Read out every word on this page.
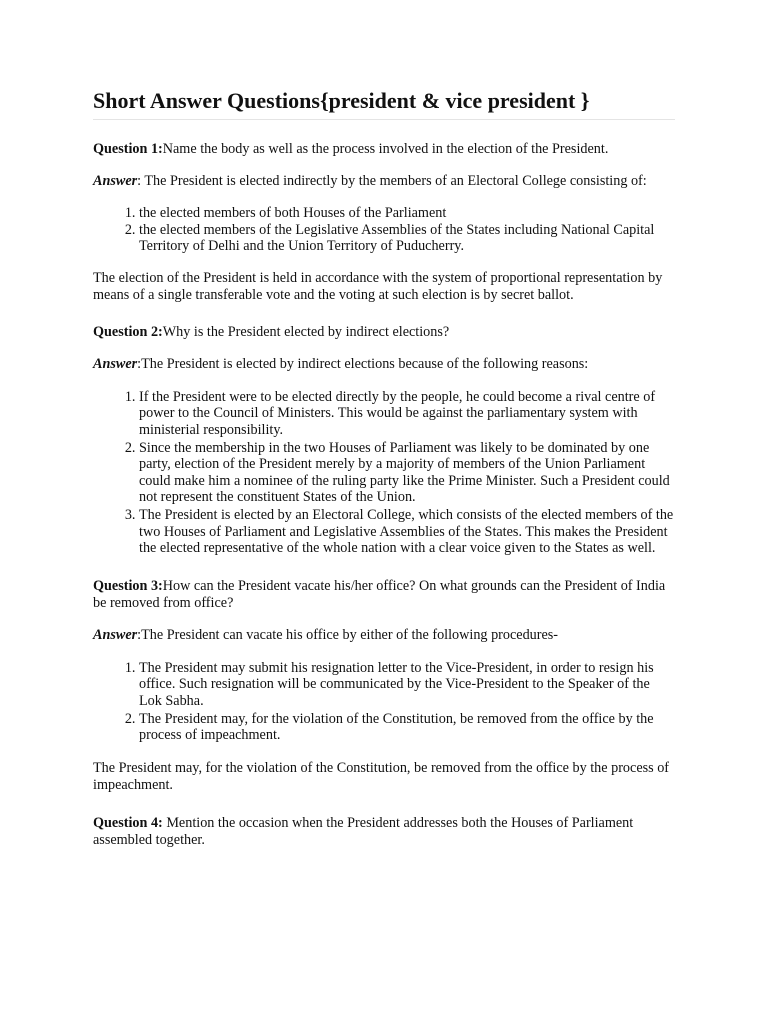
Short Answer Questions{president & vice president }

Question 1:Name the body as well as the process involved in the election of the President.

Answer: The President is elected indirectly by the members of an Electoral College consisting of:

1. the elected members of both Houses of the Parliament
2. the elected members of the Legislative Assemblies of the States including National Capital Territory of Delhi and the Union Territory of Puducherry.

The election of the President is held in accordance with the system of proportional representation by means of a single transferable vote and the voting at such election is by secret ballot.

Question 2:Why is the President elected by indirect elections?

Answer:The President is elected by indirect elections because of the following reasons:

1. If the President were to be elected directly by the people, he could become a rival centre of power to the Council of Ministers. This would be against the parliamentary system with ministerial responsibility.
2. Since the membership in the two Houses of Parliament was likely to be dominated by one party, election of the President merely by a majority of members of the Union Parliament could make him a nominee of the ruling party like the Prime Minister. Such a President could not represent the constituent States of the Union.
3. The President is elected by an Electoral College, which consists of the elected members of the two Houses of Parliament and Legislative Assemblies of the States. This makes the President the elected representative of the whole nation with a clear voice given to the States as well.

Question 3:How can the President vacate his/her office? On what grounds can the President of India be removed from office?

Answer:The President can vacate his office by either of the following procedures-

1. The President may submit his resignation letter to the Vice-President, in order to resign his office. Such resignation will be communicated by the Vice-President to the Speaker of the Lok Sabha.
2. The President may, for the violation of the Constitution, be removed from the office by the process of impeachment.

The President may, for the violation of the Constitution, be removed from the office by the process of impeachment.

Question 4: Mention the occasion when the President addresses both the Houses of Parliament assembled together.
